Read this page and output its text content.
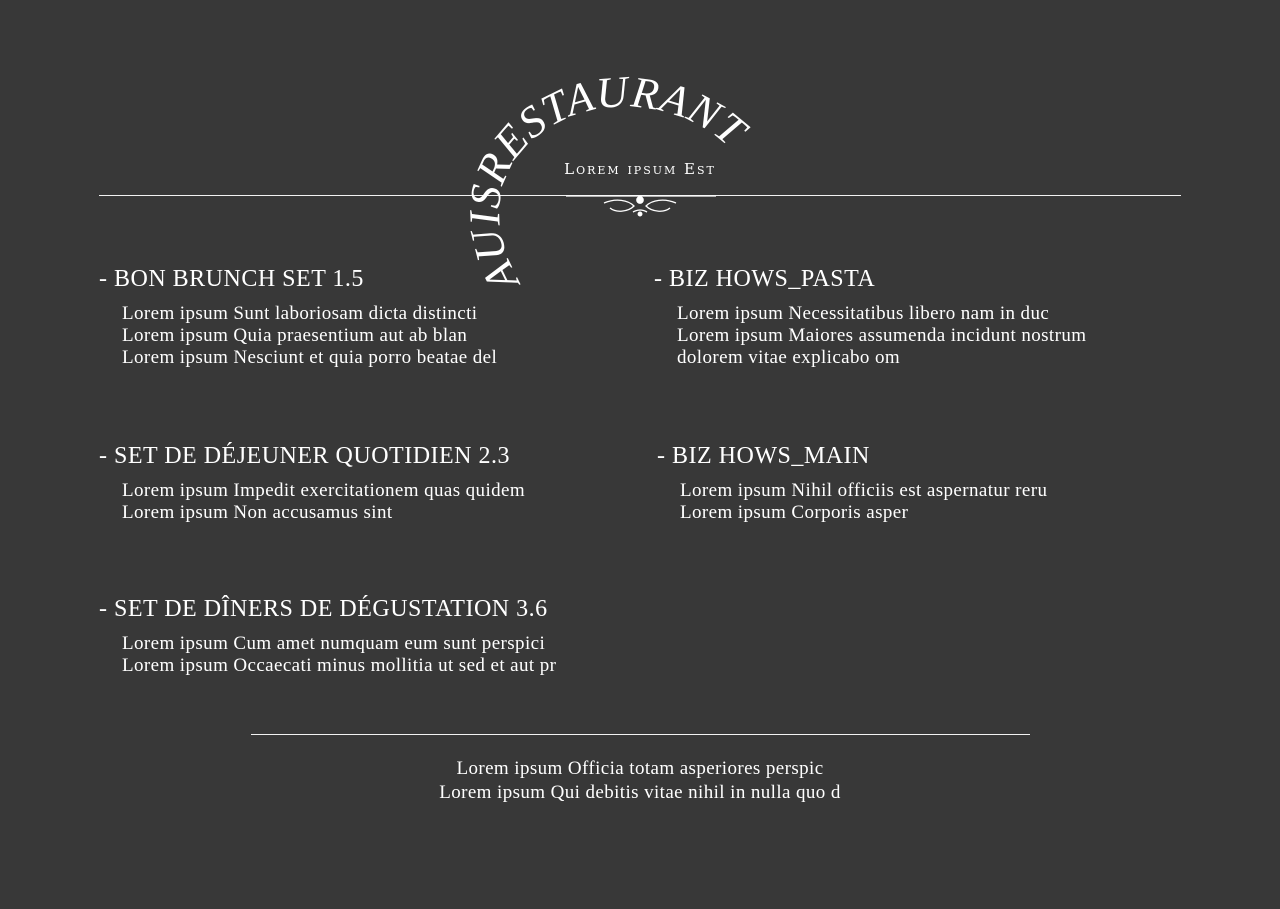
AUISRESTAURANT
Lorem ipsum Est
- BON BRUNCH SET 1.5
Lorem ipsum Sunt laboriosam dicta distincti
Lorem ipsum Quia praesentium aut ab blan
Lorem ipsum Nesciunt et quia porro beatae del
- BIZ HOWS_PASTA
Lorem ipsum Necessitatibus libero nam in duc
Lorem ipsum Maiores assumenda incidunt nostrum
dolorem vitae explicabo om
- SET DE DÉJEUNER QUOTIDIEN 2.3
Lorem ipsum Impedit exercitationem quas quidem
Lorem ipsum Non accusamus sint
- BIZ HOWS_MAIN
Lorem ipsum Nihil officiis est aspernatur reru
Lorem ipsum Corporis asper
- SET DE DÎNERS DE DÉGUSTATION 3.6
Lorem ipsum Cum amet numquam eum sunt perspici
Lorem ipsum Occaecati minus mollitia ut sed et aut pr
Lorem ipsum Officia totam asperiores perspic
Lorem ipsum Qui debitis vitae nihil in nulla quo d
